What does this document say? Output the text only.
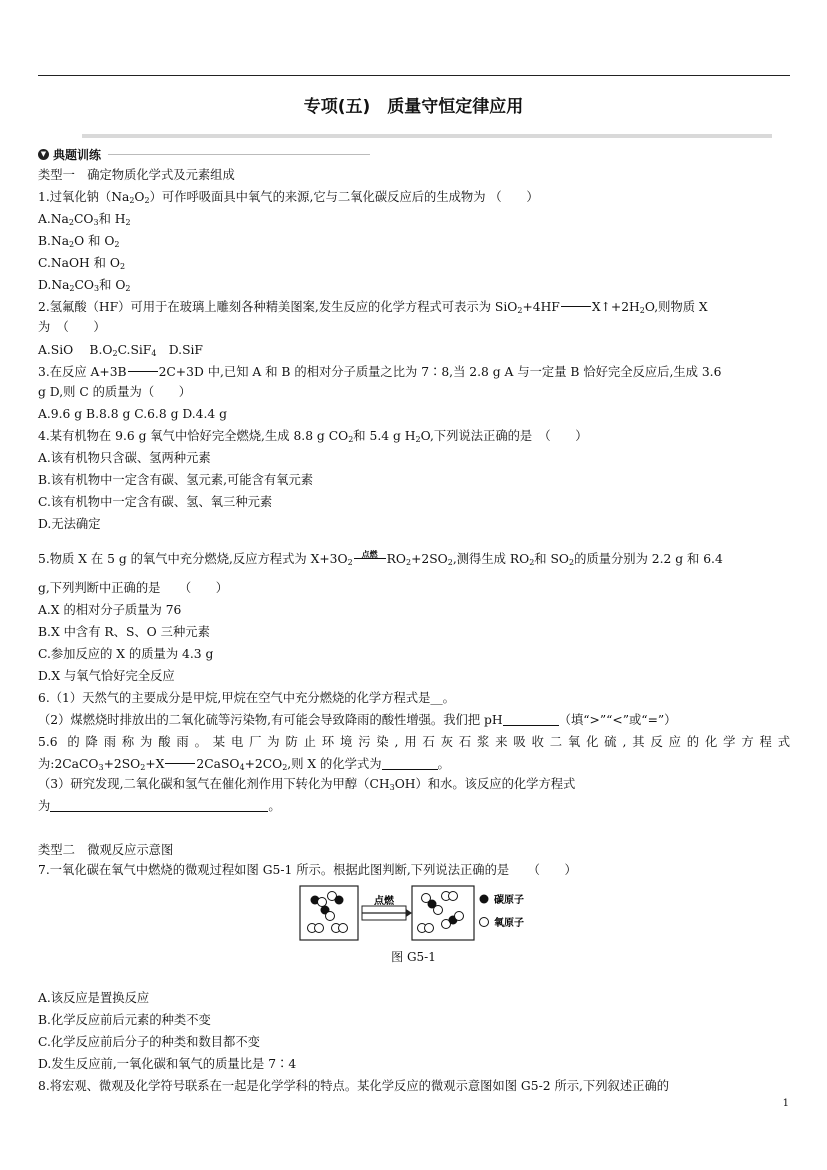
专项(五)　质量守恒定律应用
▼ 典题训练
类型一　确定物质化学式及元素组成
1.过氧化钠$(Na_2O_2)$可作呼吸面具中氧气的来源,它与二氧化碳反应后的生成物为 （　　）
$A.Na_2CO_3$和 $H_2$
$B.Na_2O$ 和 $O_2$
C.NaOH 和 $O_2$
$D.Na_2CO_3$和 $O_2$
2.氢氟酸（HF）可用于在玻璃上雕刻各种精美图案,发生反应的化学方程式可表示为 SiO$_2$+4HF	$X↑+2H_2O$,则物质 X
为　（　　）
A.SiO　 $B.O_2C.SiF_4$　 D.SiF
3.在反应 A+3B	2C+3D 中,已知 A 和 B 的相对分子质量之比为 7∶8,当 2.8 g A 与一定量 B 恰好完全反应后,生成 3.6
g D,则 C 的质量为（　　）
A.9.6 g B.8.8 g C.6.8 g D.4.4 g
4.某有机物在 9.6 g 氧气中恰好完全燃烧,生成 8.8 g $CO_2$和 5.4 g $H_2O$,下列说法正确的是　（　　）
A.该有机物只含碳、氢两种元素
B.该有机物中一定含有碳、氢元素,可能含有氧元素
C.该有机物中一定含有碳、氢、氧三种元素
D.无法确定
5.物质 X 在 5 g 的氧气中充分燃烧,反应方程式为 $X+3O_2$
点燃 $RO_2+2SO_2$,测得生成 $RO_2$和 $SO_2$的质量分别为 2.2 g 和 6.4
g,下列判断中正确的是　　（　　）
A.X 的相对分子质量为 76
B.X 中含有 R、S、O 三种元素
C.参加反应的 X 的质量为 4.3 g
D.X 与氧气恰好完全反应
6.（1）天然气的主要成分是甲烷,甲烷在空气中充分燃烧的化学方程式是__。
（2）煤燃烧时排放出的二氧化硫等污染物,有可能会导致降雨的酸性增强。我们把 pH	（填“>”“<”或“=”）
5.6 的降雨称为酸雨。某电厂为防止环境污染,用石灰石浆来吸收二氧化硫,其反应的化学方程式
为$:2CaCO_3+2SO_2+X$	$2CaSO_4+2CO_2$,则 X 的化学式为	。
（3）研究发现,二氧化碳和氢气在催化剂作用下转化为甲醇$(CH_3OH)$和水。该反应的化学方程式
为	。
类型二　微观反应示意图
7.一氧化碳在氧气中燃烧的微观过程如图 G5-1 所示。根据此图判断,下列说法正确的是　　（　　）
点燃	碳原子
氧原子
图 G5-1
A.该反应是置换反应
B.化学反应前后元素的种类不变
C.化学反应前后分子的种类和数目都不变
D.发生反应前,一氧化碳和氧气的质量比是 7∶4
8.将宏观、微观及化学符号联系在一起是化学学科的特点。某化学反应的微观示意图如图 G5-2 所示,下列叙述正确的
1
